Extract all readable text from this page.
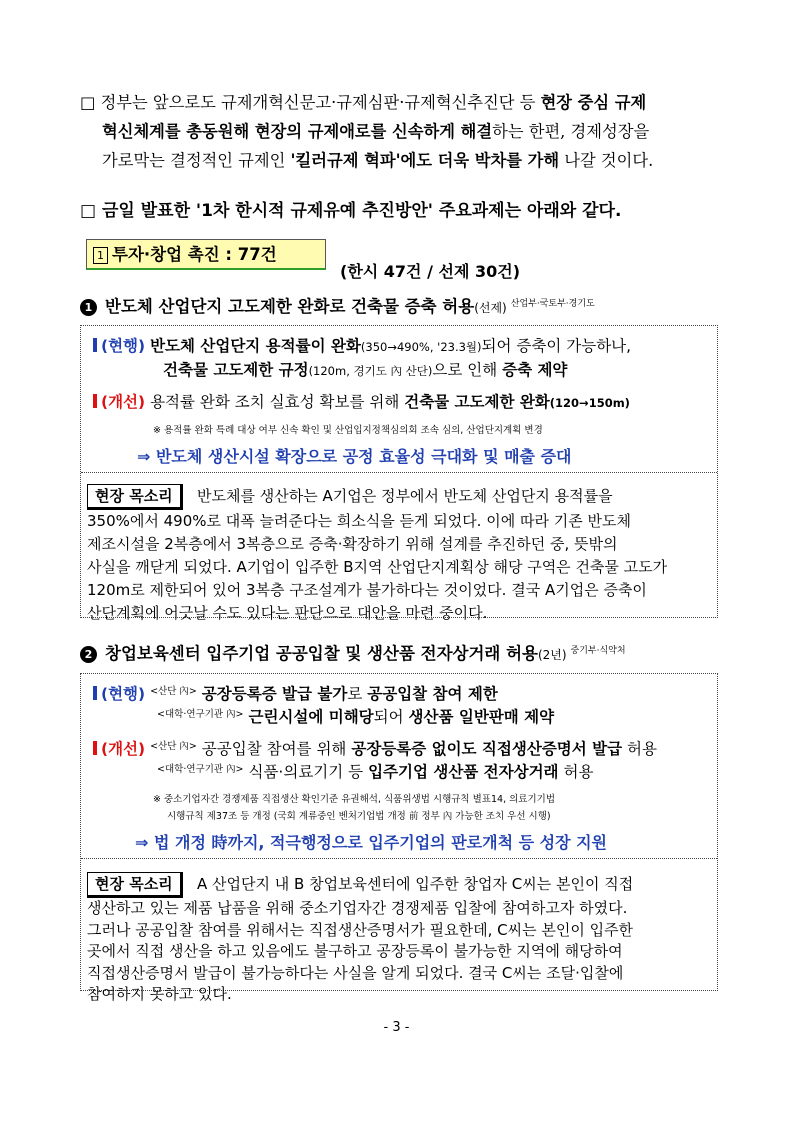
□ 정부는 앞으로도 규제개혁신문고·규제심판·규제혁신추진단 등 현장 중심 규제
혁신체계를 총동원해 현장의 규제애로를 신속하게 해결하는 한편, 경제성장을
가로막는 결정적인 규제인 '킬러규제 혁파'에도 더욱 박차를 가해 나갈 것이다.
□ 금일 발표한 '1차 한시적 규제유예 추진방안' 주요과제는 아래와 같다.
1 투자·창업 촉진 : 77건
(한시 47건 / 선제 30건)
1 반도체 산업단지 고도제한 완화로 건축물 증축 허용(선제) $^{산업부\cdot 국토부\cdot 경기도}$
(현행) 반도체 산업단지 용적률이 완화(350→490%, '23.3월)되어 증축이 가능하나,
건축물 고도제한 규정(120m, 경기도 內 산단)으로 인해 증축 제약
(개선) 용적률 완화 조치 실효성 확보를 위해 건축물 고도제한 완화(120→150m)
※ 용적률 완화 특례 대상 여부 신속 확인 및 산업입지정책심의회 조속 심의, 산업단지계획 변경
⇒ 반도체 생산시설 확장으로 공정 효율성 극대화 및 매출 증대
현장 목소리 반도체를 생산하는 A기업은 정부에서 반도체 산업단지 용적률을
350%에서 490%로 대폭 늘려준다는 희소식을 듣게 되었다. 이에 따라 기존 반도체
제조시설을 2복층에서 3복층으로 증축·확장하기 위해 설계를 추진하던 중, 뜻밖의
사실을 깨닫게 되었다. A기업이 입주한 B지역 산업단지계획상 해당 구역은 건축물 고도가
120m로 제한되어 있어 3복층 구조설계가 불가하다는 것이었다. 결국 A기업은 증축이
산단계획에 어긋날 수도 있다는 판단으로 대안을 마련 중이다.
2 창업보육센터 입주기업 공공입찰 및 생산품 전자상거래 허용(2년) $^{중기부\cdot 식약처}$
(현행) $^{<산단 內>}$ 공장등록증 발급 불가로 공공입찰 참여 제한
$^{<대학\cdot 연구기관 內>}$ 근린시설에 미해당되어 생산품 일반판매 제약
(개선) $^{<산단 內>}$ 공공입찰 참여를 위해 공장등록증 없이도 직접생산증명서 발급 허용
$^{<대학\cdot 연구기관 內>}$ 식품·의료기기 등 입주기업 생산품 전자상거래 허용
※ 중소기업자간 경쟁제품 직접생산 확인기준 유권해석, 식품위생법 시행규칙 별표14, 의료기기법
시행규칙 제37조 등 개정 (국회 계류중인 벤처기업법 개정 前 정부 內 가능한 조치 우선 시행)
⇒ 법 개정 時까지, 적극행정으로 입주기업의 판로개척 등 성장 지원
현장 목소리 A 산업단지 내 B 창업보육센터에 입주한 창업자 C씨는 본인이 직접
생산하고 있는 제품 납품을 위해 중소기업자간 경쟁제품 입찰에 참여하고자 하였다.
그러나 공공입찰 참여를 위해서는 직접생산증명서가 필요한데, C씨는 본인이 입주한
곳에서 직접 생산을 하고 있음에도 불구하고 공장등록이 불가능한 지역에 해당하여
직접생산증명서 발급이 불가능하다는 사실을 알게 되었다. 결국 C씨는 조달·입찰에
참여하지 못하고 있다.
- 3 -
